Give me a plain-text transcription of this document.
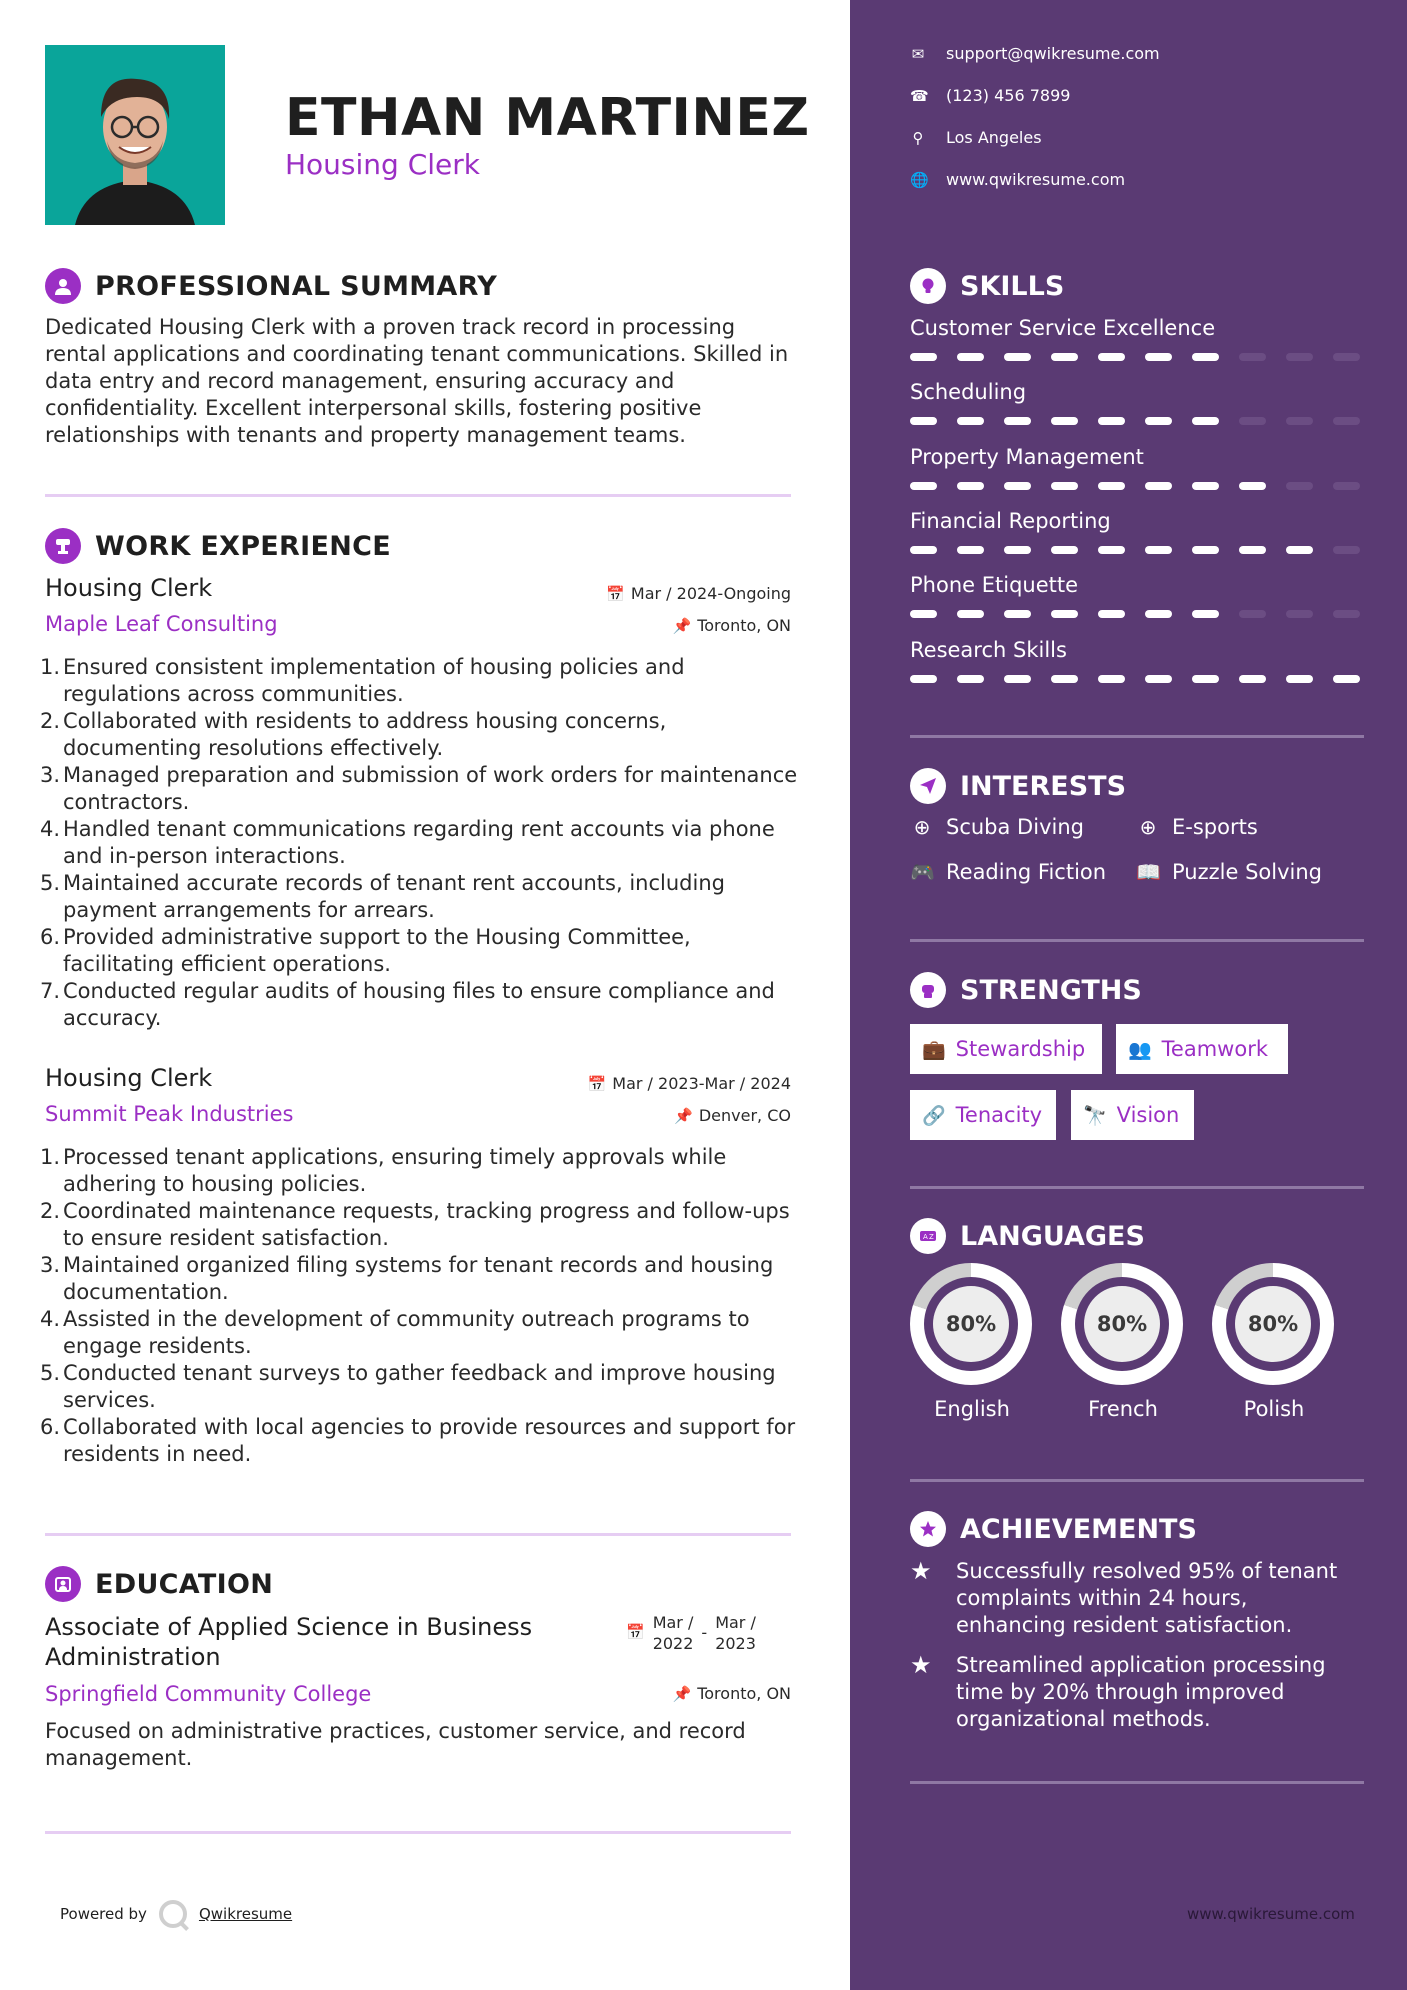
ETHAN MARTINEZ

Housing Clerk

PROFESSIONAL SUMMARY

Dedicated Housing Clerk with a proven track record in processing rental applications and coordinating tenant communications. Skilled in data entry and record management, ensuring accuracy and confidentiality. Excellent interpersonal skills, fostering positive relationships with tenants and property management teams.

WORK EXPERIENCE

Housing Clerk	📅 Mar / 2024-Ongoing

Maple Leaf Consulting	📌 Toronto, ON
1. Ensured consistent implementation of housing policies and regulations across communities.
2. Collaborated with residents to address housing concerns, documenting resolutions effectively.
3. Managed preparation and submission of work orders for maintenance contractors.
4. Handled tenant communications regarding rent accounts via phone and in-person interactions.
5. Maintained accurate records of tenant rent accounts, including payment arrangements for arrears.
6. Provided administrative support to the Housing Committee, facilitating efficient operations.
7. Conducted regular audits of housing files to ensure compliance and accuracy.

Housing Clerk	📅 Mar / 2023-Mar / 2024

Summit Peak Industries	📌 Denver, CO
1. Processed tenant applications, ensuring timely approvals while adhering to housing policies.
2. Coordinated maintenance requests, tracking progress and follow-ups to ensure resident satisfaction.
3. Maintained organized filing systems for tenant records and housing documentation.
4. Assisted in the development of community outreach programs to engage residents.
5. Conducted tenant surveys to gather feedback and improve housing services.
6. Collaborated with local agencies to provide resources and support for residents in need.
EDUCATION

Associate of Applied Science in Business Administration

📅 Mar /
2022
-
Mar /
2023

Springfield Community College	📌 Toronto, ON

Focused on administrative practices, customer service, and record management.

Powered by	Qwikresume
✉ support@qwikresume.com
☎ (123) 456 7899
⚲ Los Angeles
🌐 www.qwikresume.com
SKILLS

Customer Service Excellence

Scheduling

Property Management

Financial Reporting

Phone Etiquette

Research Skills

INTERESTS
⊕ Scuba Diving	⊕ E-sports
🎮 Reading Fiction 📖 Puzzle Solving
STRENGTHS
💼 Stewardship 👥 Teamwork
🔗 Tenacity 🔭 Vision
A Z LANGUAGES
80%
English
80%
French
80%
Polish
ACHIEVEMENTS
★	Successfully resolved 95% of tenant complaints within 24 hours, enhancing resident satisfaction.
★	Streamlined application processing time by 20% through improved organizational methods.
www.qwikresume.com
